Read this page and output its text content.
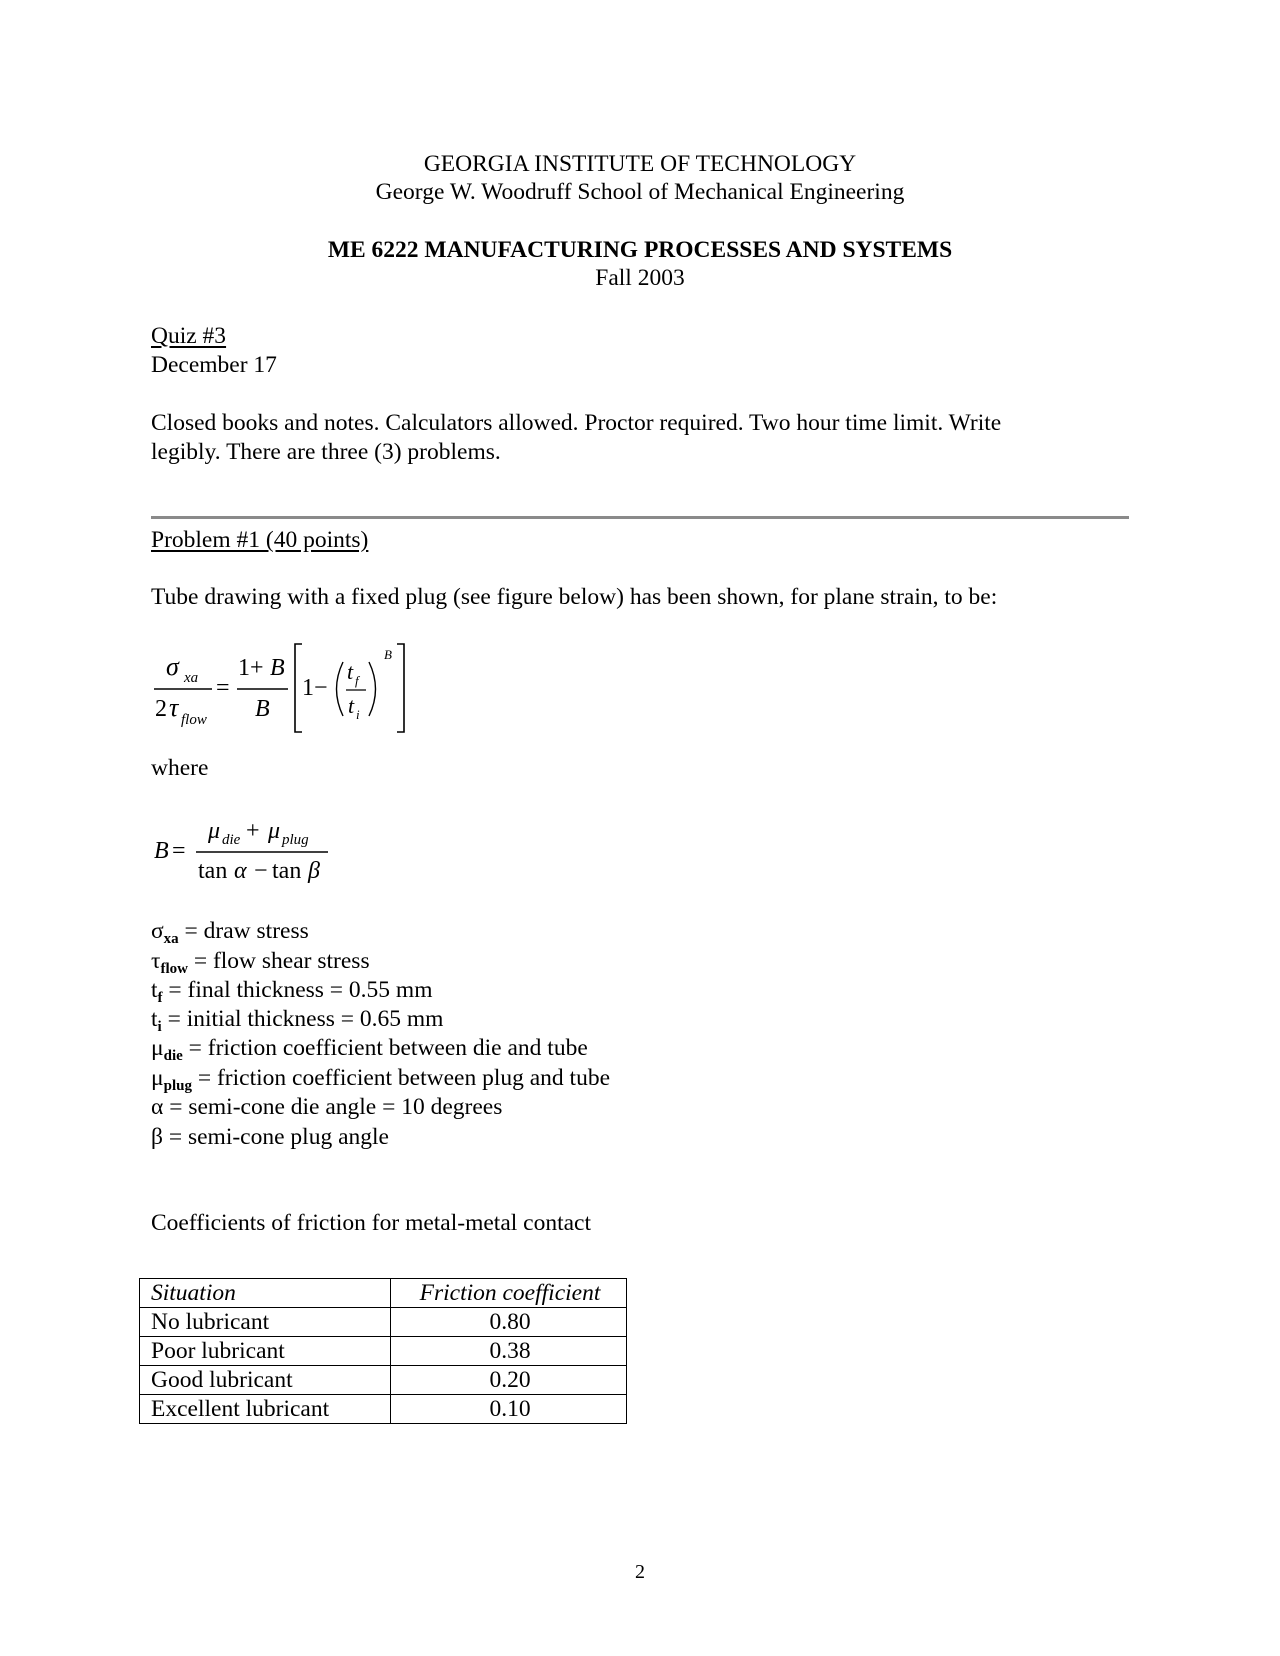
GEORGIA INSTITUTE OF TECHNOLOGY
George W. Woodruff School of Mechanical Engineering
ME 6222 MANUFACTURING PROCESSES AND SYSTEMS
Fall 2003
Quiz #3
December 17
Closed books and notes. Calculators allowed. Proctor required. Two hour time limit. Write
legibly. There are three (3) problems.
Problem #1 (40 points)
Tube drawing with a fixed plug (see figure below) has been shown, for plane strain, to be:
σ xa
2 τ flow
=
1+ B
B
1−
t f
t i
B
where
B =
μ die + μ plug
tan α − tan β
$\sigma_{xa}$ = draw stress
$\tau_{flow}$ = flow shear stress
$t_f$ = final thickness = 0.55 mm
$t_i$ = initial thickness = 0.65 mm
$\mu_{die}$ = friction coefficient between die and tube
$\mu_{plug}$ = friction coefficient between plug and tube
α = semi-cone die angle = 10 degrees
β = semi-cone plug angle
Coefficients of friction for metal-metal contact
Situation	Friction coefficient
No lubricant	0.80
Poor lubricant	0.38
Good lubricant	0.20
Excellent lubricant	0.10
2
